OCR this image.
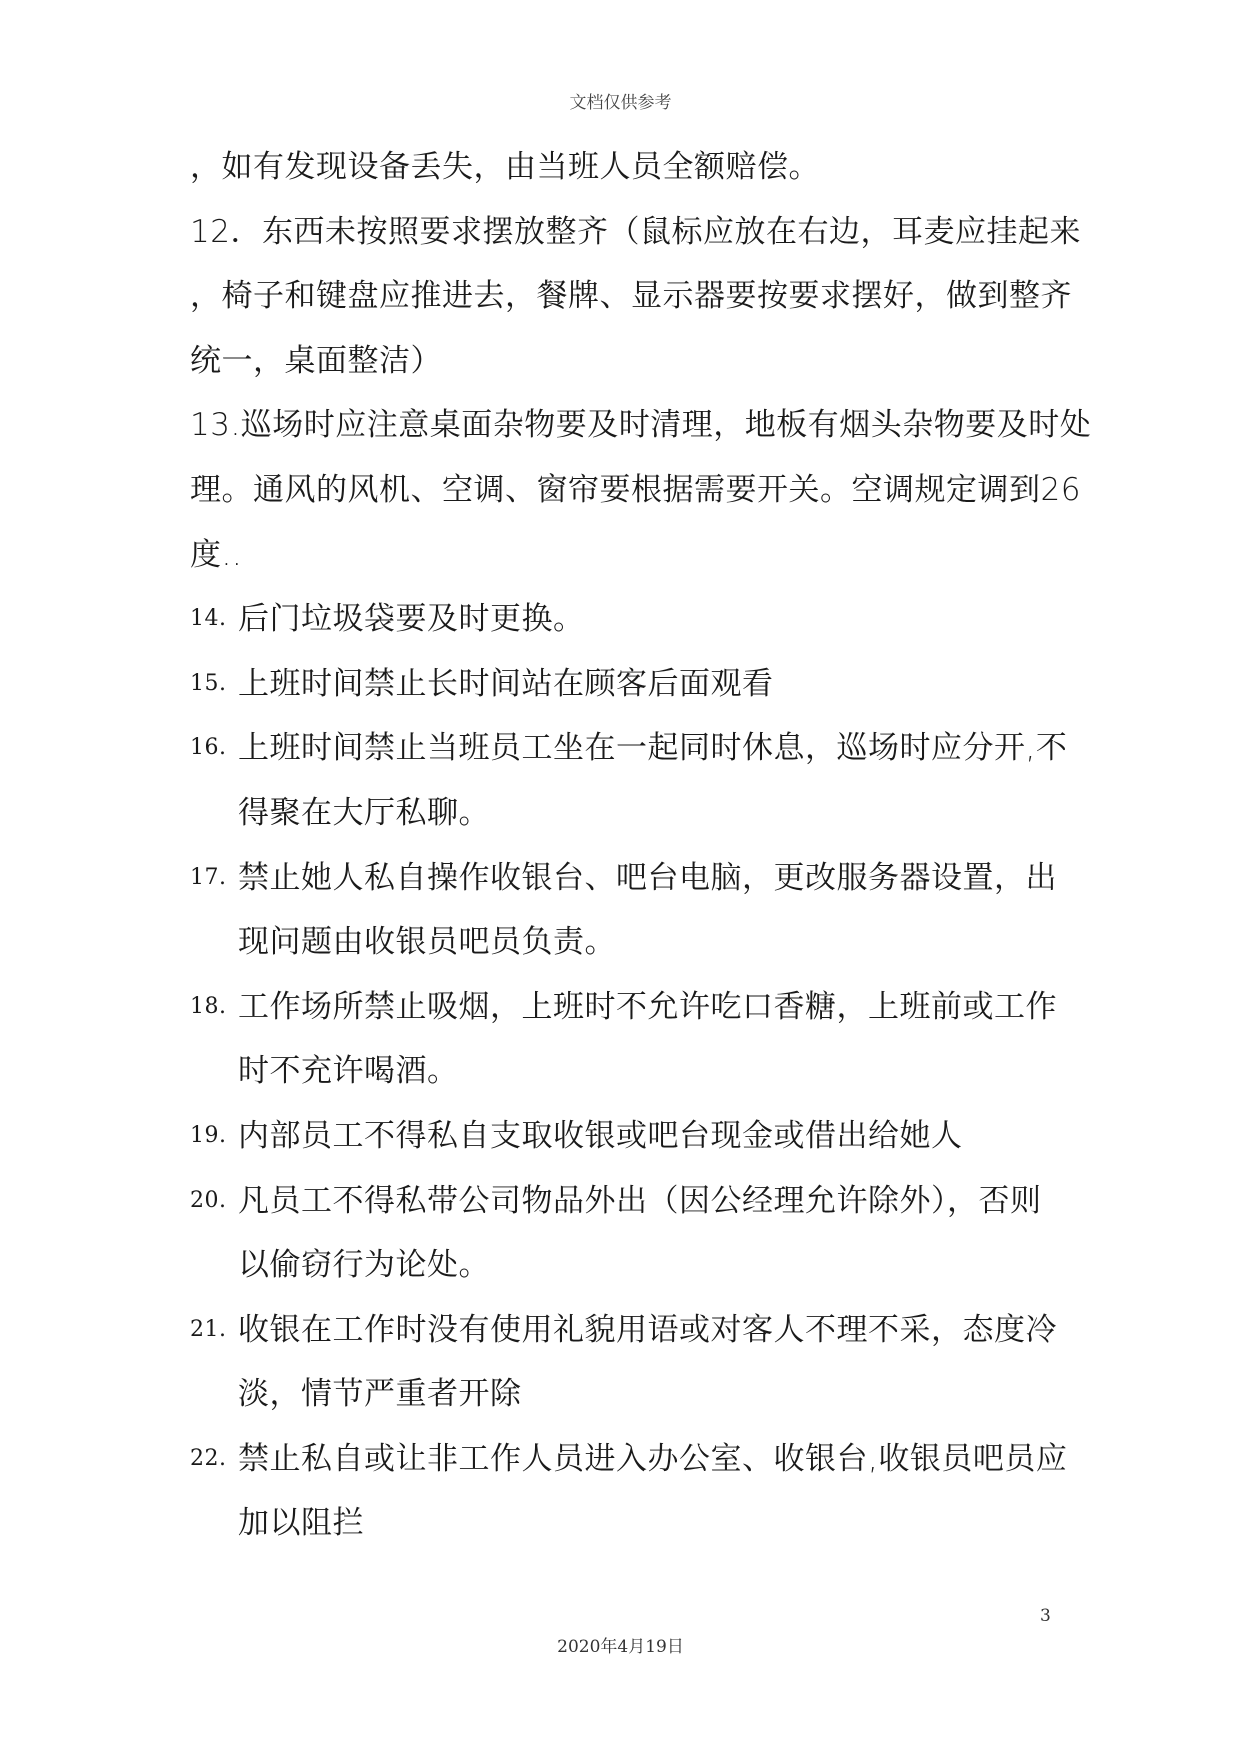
文档仅供参考
，如有发现设备丢失，由当班人员全额赔偿。
12．东西未按照要求摆放整齐（鼠标应放在右边，耳麦应挂起来
，椅子和键盘应推进去，餐牌、显示器要按要求摆好，做到整齐
统一，桌面整洁）
13.巡场时应注意桌面杂物要及时清理，地板有烟头杂物要及时处
理。通风的风机、空调、窗帘要根据需要开关。空调规定调到26
度..
14. 后门垃圾袋要及时更换。
15. 上班时间禁止长时间站在顾客后面观看
16. 上班时间禁止当班员工坐在一起同时休息，巡场时应分开,不
得聚在大厅私聊。
17. 禁止她人私自操作收银台、吧台电脑，更改服务器设置，出
现问题由收银员吧员负责。
18. 工作场所禁止吸烟，上班时不允许吃口香糖，上班前或工作
时不充许喝酒。
19. 内部员工不得私自支取收银或吧台现金或借出给她人
20. 凡员工不得私带公司物品外出（因公经理允许除外），否则
以偷窃行为论处。
21. 收银在工作时没有使用礼貌用语或对客人不理不采，态度冷
淡，情节严重者开除
22. 禁止私自或让非工作人员进入办公室、收银台,收银员吧员应
加以阻拦
3
2020年4月19日
